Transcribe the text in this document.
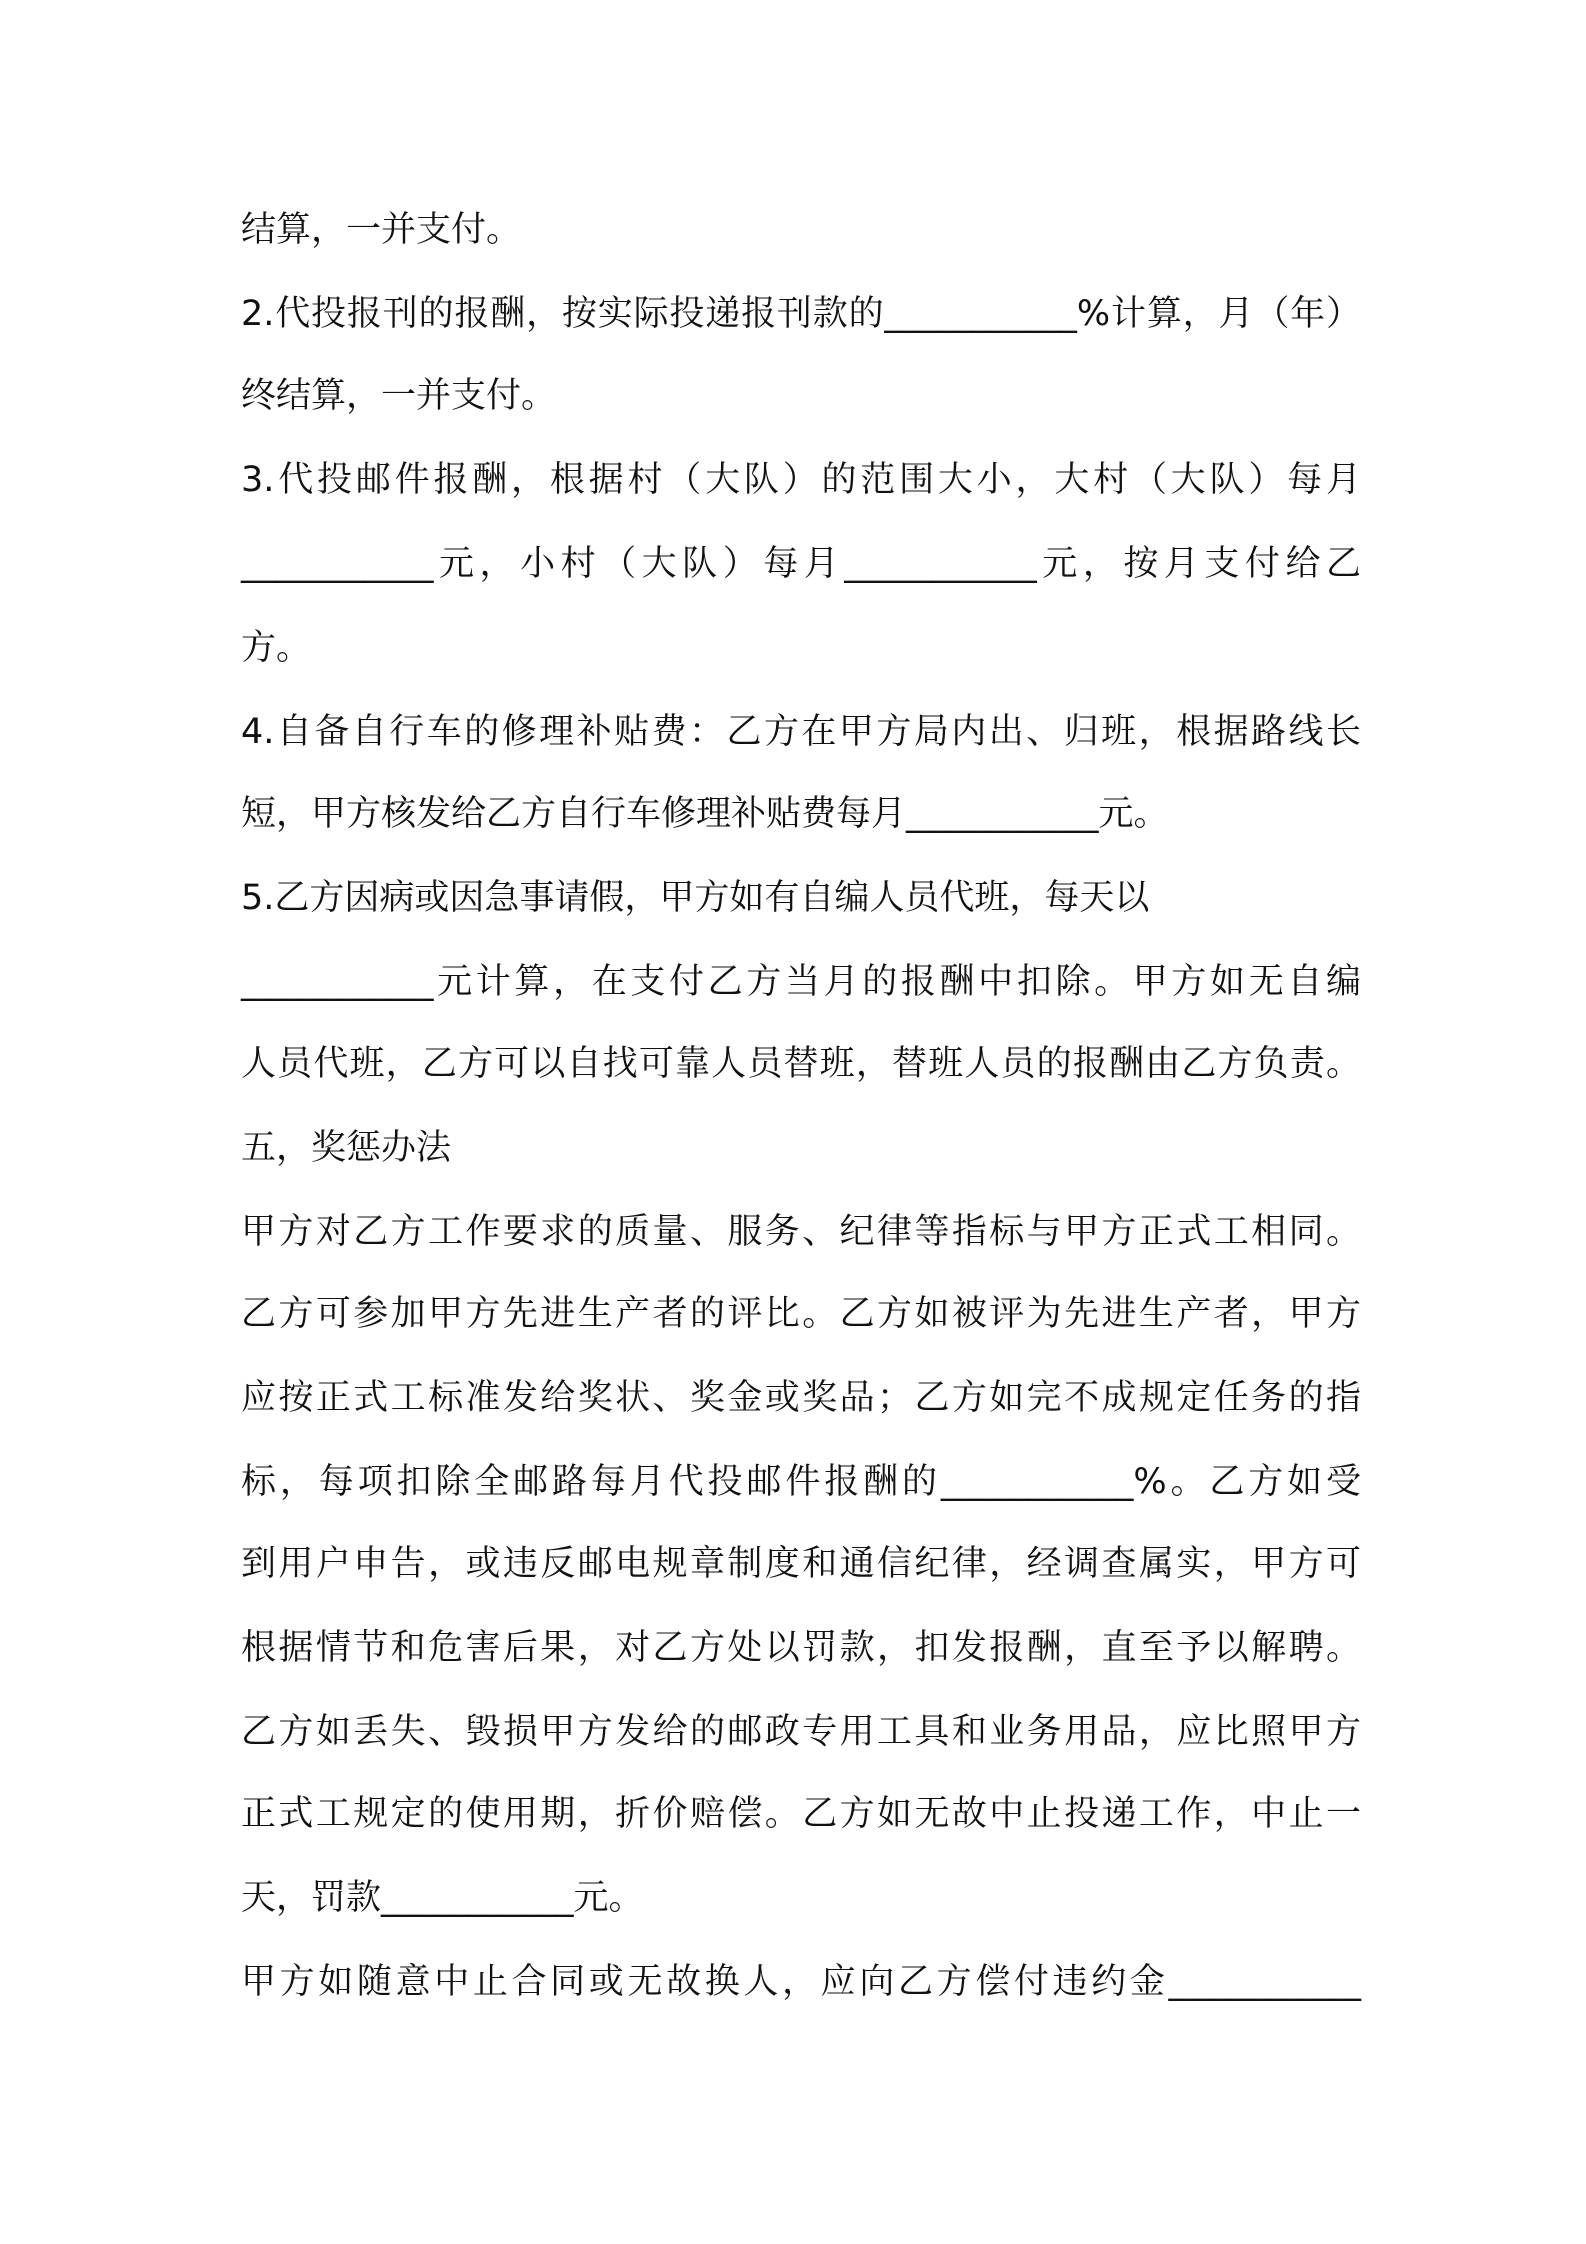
结算，一并支付。

2.代投报刊的报酬，按实际投递报刊款的___________%计算，月（年）

终结算，一并支付。

3.代投邮件报酬，根据村（大队）的范围大小，大村（大队）每月

___________元，小村（大队）每月___________元，按月支付给乙

方。

4.自备自行车的修理补贴费：乙方在甲方局内出、归班，根据路线长

短，甲方核发给乙方自行车修理补贴费每月___________元。

5.乙方因病或因急事请假，甲方如有自编人员代班，每天以

___________元计算，在支付乙方当月的报酬中扣除。甲方如无自编

人员代班，乙方可以自找可靠人员替班，替班人员的报酬由乙方负责。

五，奖惩办法

甲方对乙方工作要求的质量、服务、纪律等指标与甲方正式工相同。

乙方可参加甲方先进生产者的评比。乙方如被评为先进生产者，甲方

应按正式工标准发给奖状、奖金或奖品；乙方如完不成规定任务的指

标，每项扣除全邮路每月代投邮件报酬的___________%。乙方如受

到用户申告，或违反邮电规章制度和通信纪律，经调查属实，甲方可

根据情节和危害后果，对乙方处以罚款，扣发报酬，直至予以解聘。

乙方如丢失、毁损甲方发给的邮政专用工具和业务用品，应比照甲方

正式工规定的使用期，折价赔偿。乙方如无故中止投递工作，中止一

天，罚款___________元。

甲方如随意中止合同或无故换人，应向乙方偿付违约金___________
